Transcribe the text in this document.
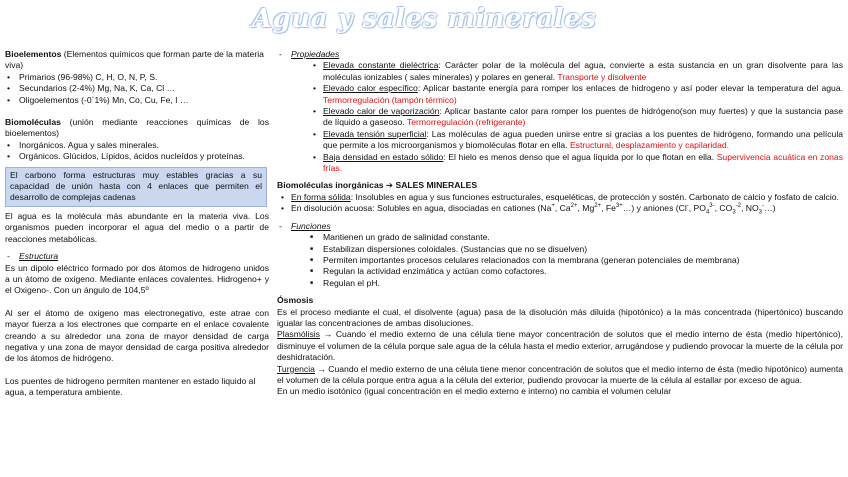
Agua y sales minerales

Bioelementos (Elementos químicos que forman parte de la materia viva)

• Primarios (96-98%) C, H, O, N, P, S.

• Secundarios (2-4%) Mg, Na, K, Ca, Cl …

• Oligoelementos (-0´1%) Mn, Co, Cu, Fe, I …

Biomoléculas (unión mediante reacciones químicas de los bioelementos)

• Inorgánicos. Agua y sales minerales.

• Orgánicos. Glúcidos, Lípidos, ácidos nucleídos y proteínas.

El carbono forma estructuras muy estables gracias a su capacidad de unión hasta con 4 enlaces que permiten el desarrollo de complejas cadenas

El agua es la molécula más abundante en la materia viva. Los organismos pueden incorporar el agua del medio o a partir de reacciones metabólicas.

- Estructura

Es un dipolo eléctrico formado por dos átomos de hidrogeno unidos a un átomo de oxigeno. Mediante enlaces covalentes. Hidrogeno+ y el Oxigeno-. Con un ángulo de 104,5º

Al ser el átomo de oxigeno mas electronegativo, este atrae con mayor fuerza a los electrones que comparte en el enlace covalente creando a su alrededor una zona de mayor densidad de carga negativa y una zona de mayor densidad de carga positiva alrededor de los átomos de hidrógeno.

Los puentes de hidrogeno permiten mantener en estado liquido al agua, a temperatura ambiente.

- Propiedades

• Elevada constante dieléctrica: Carácter polar de la molécula del agua, convierte a esta sustancia en un gran disolvente para las moléculas ionizables ( sales minerales) y polares en general. Transporte y disolvente

• Elevado calor específico: Aplicar bastante energía para romper los enlaces de hidrogeno y así poder elevar la temperatura del agua. Termorregulación (tampón térmico)

• Elevado calor de vaporización: Aplicar bastante calor para romper los puentes de hidrógeno(son muy fuertes) y que la sustancia pase de líquido a gaseoso. Termorregulación (refrigerante)

• Elevada tensión superficial: Las moléculas de agua pueden unirse entre si gracias a los puentes de hidrógeno, formando una película que permite a los microorganismos y biomoléculas flotar en ella. Estructural, desplazamiento y capilaridad.

• Baja densidad en estado sólido: El hielo es menos denso que el agua líquida por lo que flotan en ella. Supervivencia acuática en zonas frías.

Biomoléculas inorgánicas ➔ SALES MINERALES

• En forma sólida: Insolubles en agua y sus funciones estructurales, esqueléticas, de protección y sostén. Carbonato de calcio y fosfato de calcio.

• En disolución acuosa: Solubles en agua, disociadas en cationes (Na+, $Ca^{2+}$, $Mg^{2+}$, $Fe^{3+}\dots$) y aniones (Cl-, $PO_4^{3-}$, $CO_3^{-2}$, $NO_3^-\dots$)

- Funciones

■ Mantienen un grado de salinidad constante.

■ Estabilizan dispersiones coloidales. (Sustancias que no se disuelven)

■ Permiten importantes procesos celulares relacionados con la membrana (generan potenciales de membrana)

■ Regulan la actividad enzimática y actúan como cofactores.

■ Regulan el pH.

Ósmosis

Es el proceso mediante el cual, el disolvente (agua) pasa de la disolución más diluida (hipotónico) a la más concentrada (hipertónico) buscando igualar las concentraciones de ambas disoluciones.

Plasmólisis → Cuando el medio externo de una célula tiene mayor concentración de solutos que el medio interno de ésta (medio hipertónico), disminuye el volumen de la célula porque sale agua de la célula hasta el medio exterior, arrugándose y pudiendo provocar la muerte de la célula por deshidratación.

Turgencia → Cuando el medio externo de una célula tiene menor concentración de solutos que el medio interno de ésta (medio hipotónico) aumenta el volumen de la célula porque entra agua a la célula del exterior, pudiendo provocar la muerte de la célula al estallar por exceso de agua.

En un medio isotónico (igual concentración en el medio externo e interno) no cambia el volumen celular
